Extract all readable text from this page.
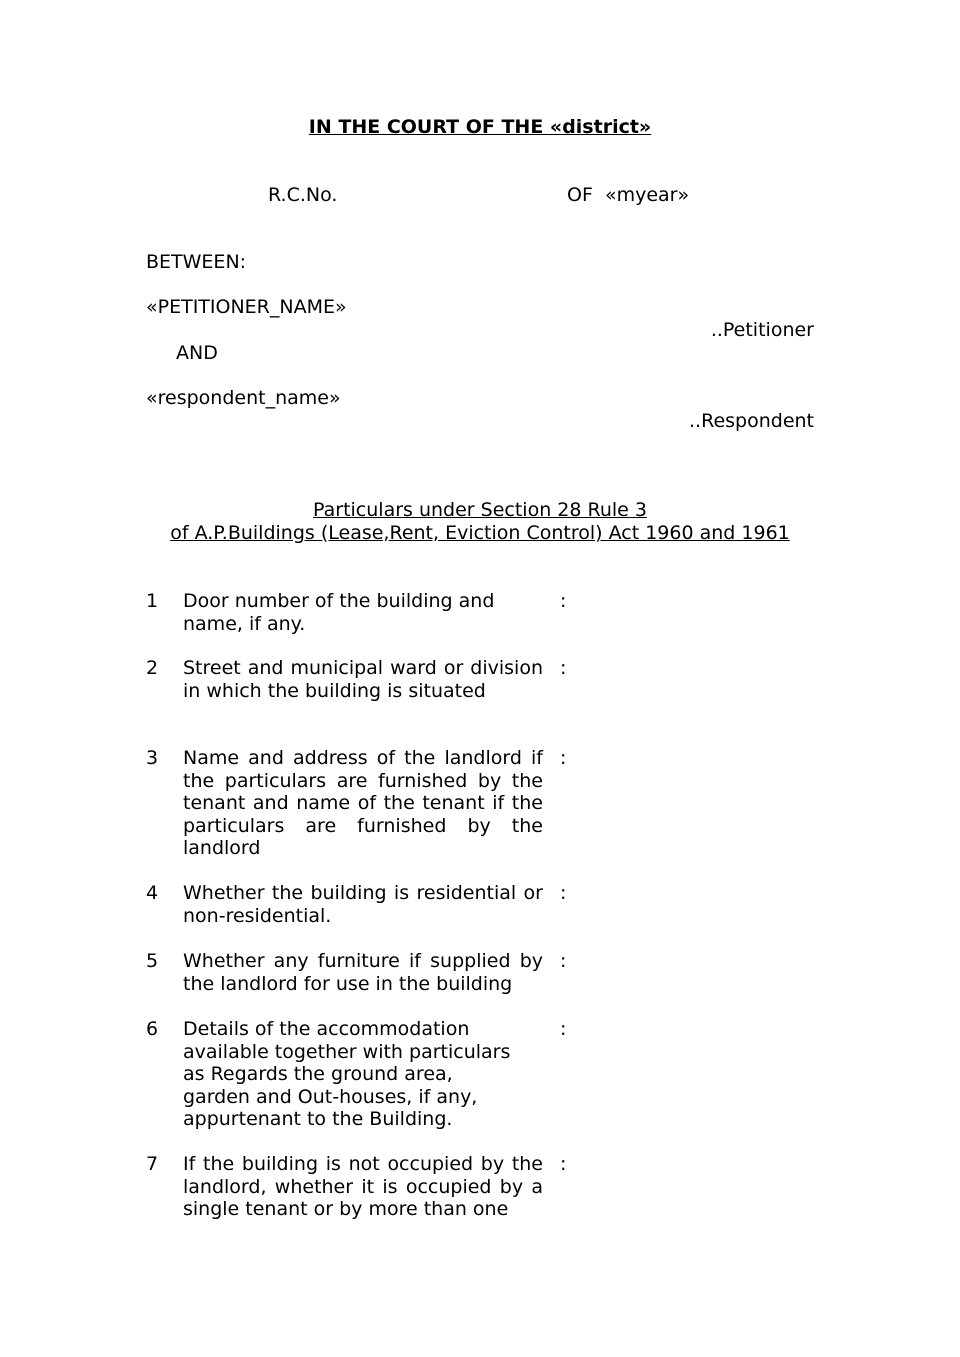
IN THE COURT OF THE «district»
R.C.No.	OF  «myear»
BETWEEN:
«PETITIONER_NAME»
..Petitioner
AND
«respondent_name»
..Respondent
Particulars under Section 28 Rule 3
of A.P.Buildings (Lease,Rent, Eviction Control) Act 1960 and 1961
1 Door number of the building and name, if any.
:
2 Street and municipal ward or division in which the building is situated
:
3 Name and address of the landlord if the particulars are furnished by the tenant and name of the tenant if the particulars are furnished by the landlord
:
4 Whether the building is residential or non-residential.
:
5 Whether any furniture if supplied by the landlord for use in the building
:
6 Details of the accommodation available together with particulars as Regards the ground area, garden and Out-houses, if any, appurtenant to the Building.
:
7 If the building is not occupied by the landlord, whether it is occupied by a single tenant or by more than one
:
